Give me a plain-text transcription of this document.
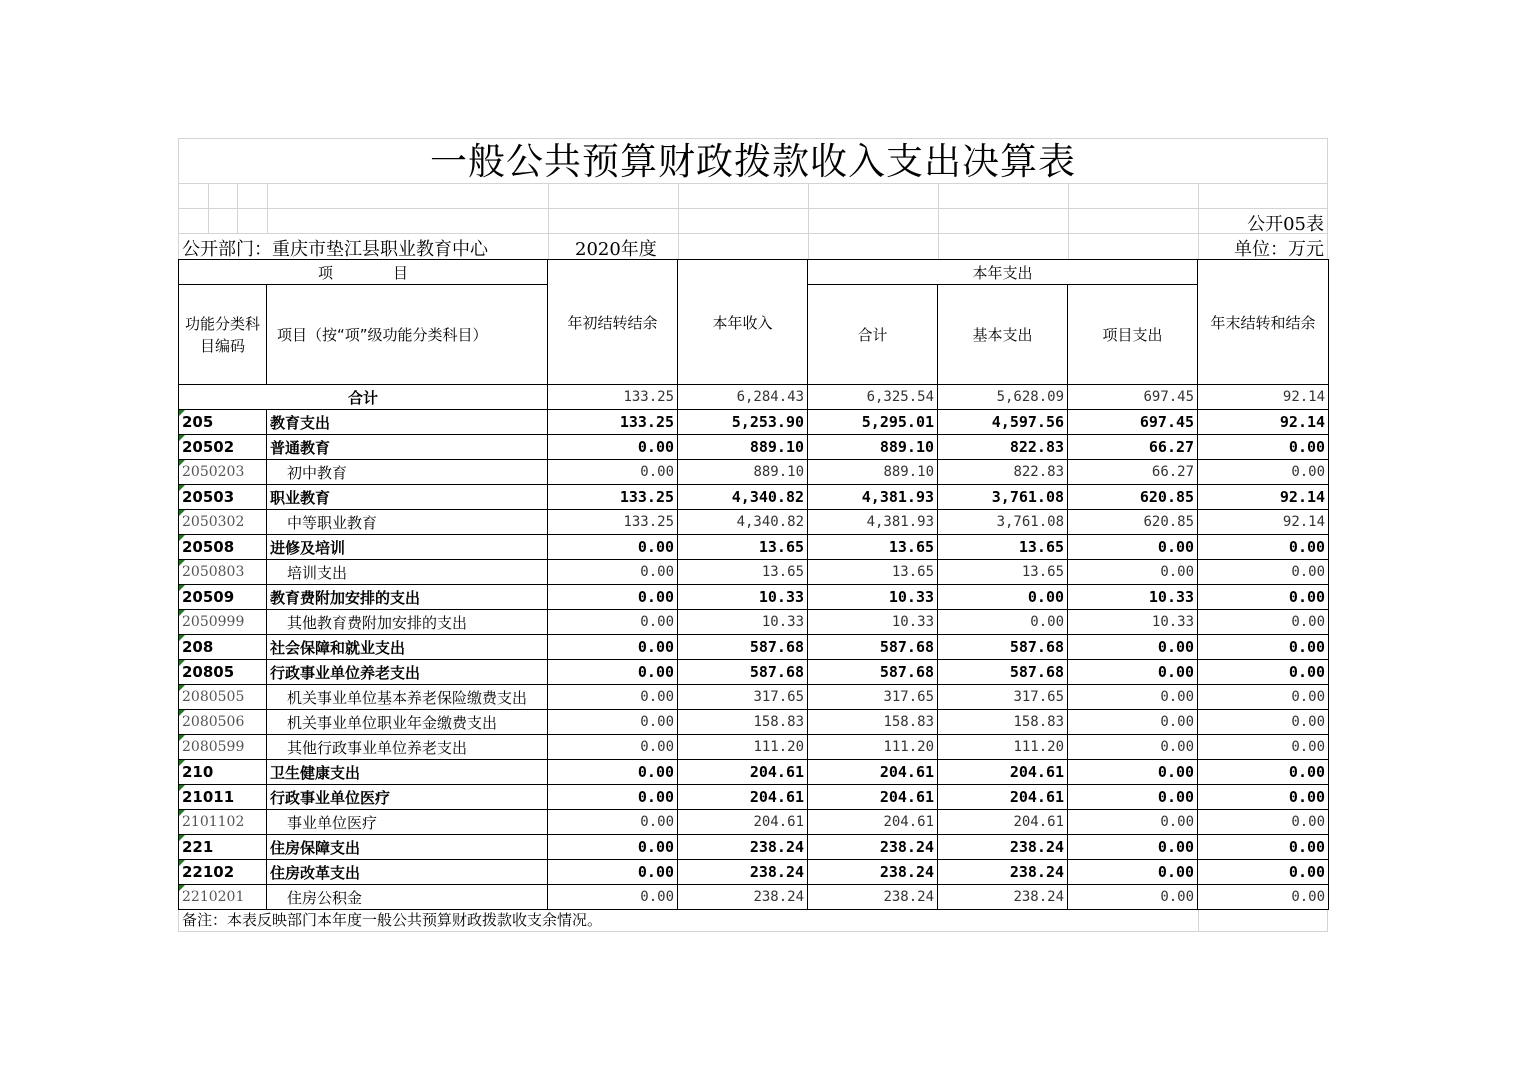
一般公共预算财政拨款收入支出决算表
公开05表
公开部门：重庆市垫江县职业教育中心	2020年度	单位：万元
项　　　　目		年初结转结余	本年收入	本年支出			年末结转和结余
功能分类科目编码	项目（按“项”级功能分类科目）			合计	基本支出	项目支出	
合计		133.25	6,284.43	6,325.54	5,628.09	697.45	92.14

205	教育支出	133.25	5,253.90	5,295.01	4,597.56	697.45	92.14

20502	普通教育	0.00	889.10	889.10	822.83	66.27	0.00

2050203	初中教育	0.00	889.10	889.10	822.83	66.27	0.00

20503	职业教育	133.25	4,340.82	4,381.93	3,761.08	620.85	92.14

2050302	中等职业教育	133.25	4,340.82	4,381.93	3,761.08	620.85	92.14

20508	进修及培训	0.00	13.65	13.65	13.65	0.00	0.00

2050803	培训支出	0.00	13.65	13.65	13.65	0.00	0.00

20509	教育费附加安排的支出	0.00	10.33	10.33	0.00	10.33	0.00

2050999	其他教育费附加安排的支出	0.00	10.33	10.33	0.00	10.33	0.00

208	社会保障和就业支出	0.00	587.68	587.68	587.68	0.00	0.00

20805	行政事业单位养老支出	0.00	587.68	587.68	587.68	0.00	0.00

2080505	机关事业单位基本养老保险缴费支出	0.00	317.65	317.65	317.65	0.00	0.00

2080506	机关事业单位职业年金缴费支出	0.00	158.83	158.83	158.83	0.00	0.00

2080599	其他行政事业单位养老支出	0.00	111.20	111.20	111.20	0.00	0.00

210	卫生健康支出	0.00	204.61	204.61	204.61	0.00	0.00

21011	行政事业单位医疗	0.00	204.61	204.61	204.61	0.00	0.00

2101102	事业单位医疗	0.00	204.61	204.61	204.61	0.00	0.00

221	住房保障支出	0.00	238.24	238.24	238.24	0.00	0.00

22102	住房改革支出	0.00	238.24	238.24	238.24	0.00	0.00

2210201	住房公积金	0.00	238.24	238.24	238.24	0.00	0.00
备注：本表反映部门本年度一般公共预算财政拨款收支余情况。
